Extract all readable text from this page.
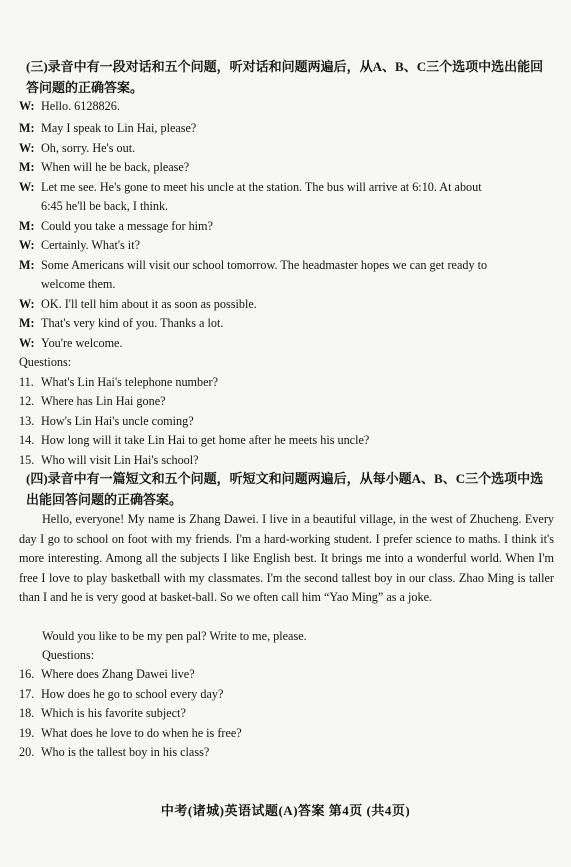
(三)录音中有一段对话和五个问题，听对话和问题两遍后，从A、B、C三个选项中选出能回答问题的正确答案。
W: Hello. 6128826.
M: May I speak to Lin Hai, please?
W: Oh, sorry. He's out.
M: When will he be back, please?
W: Let me see. He's gone to meet his uncle at the station. The bus will arrive at 6:10. At about
6:45 he'll be back, I think.
M: Could you take a message for him?
W: Certainly. What's it?
M: Some Americans will visit our school tomorrow. The headmaster hopes we can get ready to
welcome them.
W: OK. I'll tell him about it as soon as possible.
M: That's very kind of you. Thanks a lot.
W: You're welcome.
Questions:
11. What's Lin Hai's telephone number?
12. Where has Lin Hai gone?
13. How's Lin Hai's uncle coming?
14. How long will it take Lin Hai to get home after he meets his uncle?
15. Who will visit Lin Hai's school?
(四)录音中有一篇短文和五个问题，听短文和问题两遍后，从每小题A、B、C三个选项中选出能回答问题的正确答案。
Hello, everyone! My name is Zhang Dawei. I live in a beautiful village, in the west of Zhucheng. Every day I go to school on foot with my friends. I'm a hard-working student. I prefer science to maths. I think it's more interesting. Among all the subjects I like English best. It brings me into a wonderful world. When I'm free I love to play basketball with my classmates. I'm the second tallest boy in our class. Zhao Ming is taller than I and he is very good at basket-ball. So we often call him “Yao Ming” as a joke.
Would you like to be my pen pal? Write to me, please.
Questions:
16. Where does Zhang Dawei live?
17. How does he go to school every day?
18. Which is his favorite subject?
19. What does he love to do when he is free?
20. Who is the tallest boy in his class?
中考(诸城)英语试题(A)答案 第4页 (共4页)
